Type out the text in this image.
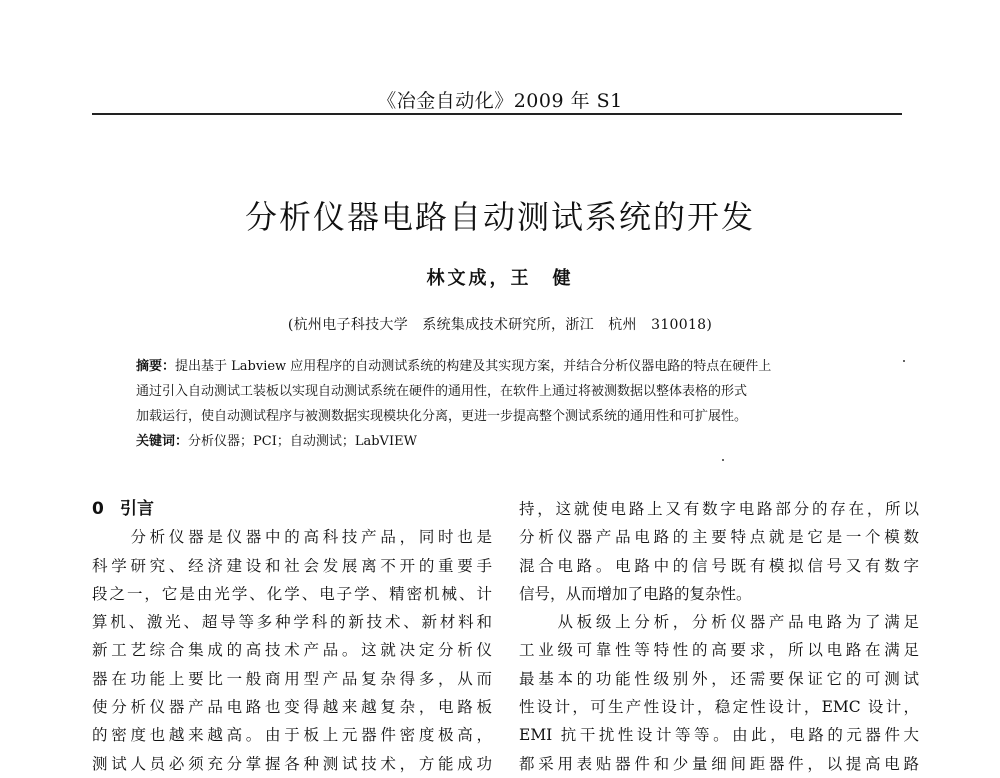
《冶金自动化》2009 年 S1
分析仪器电路自动测试系统的开发
林文成，王　健
(杭州电子科技大学　系统集成技术研究所，浙江　杭州　310018)

摘要：提出基于 Labview 应用程序的自动测试系统的构建及其实现方案，并结合分析仪器电路的特点在硬件上

通过引入自动测试工装板以实现自动测试系统在硬件的通用性，在软件上通过将被测数据以整体表格的形式

加载运行，使自动测试程序与被测数据实现模块化分离，更进一步提高整个测试系统的通用性和可扩展性。

关键词：分析仪器；PCI；自动测试；LabVIEW

0 引言
　　分析仪器是仪器中的高科技产品，同时也是
科学研究、经济建设和社会发展离不开的重要手
段之一，它是由光学、化学、电子学、精密机械、计
算机、激光、超导等多种学科的新技术、新材料和
新工艺综合集成的高技术产品。这就决定分析仪
器在功能上要比一般商用型产品复杂得多，从而
使分析仪器产品电路也变得越来越复杂，电路板
的密度也越来越高。由于板上元器件密度极高，
测试人员必须充分掌握各种测试技术，方能成功
持，这就使电路上又有数字电路部分的存在，所以
分析仪器产品电路的主要特点就是它是一个模数
混合电路。电路中的信号既有模拟信号又有数字
信号，从而增加了电路的复杂性。
　　从板级上分析，分析仪器产品电路为了满足
工业级可靠性等特性的高要求，所以电路在满足
最基本的功能性级别外，还需要保证它的可测试
性设计，可生产性设计，稳定性设计，EMC 设计，
EMI 抗干扰性设计等等。由此，电路的元器件大
都采用表贴器件和少量细间距器件，以提高电路
